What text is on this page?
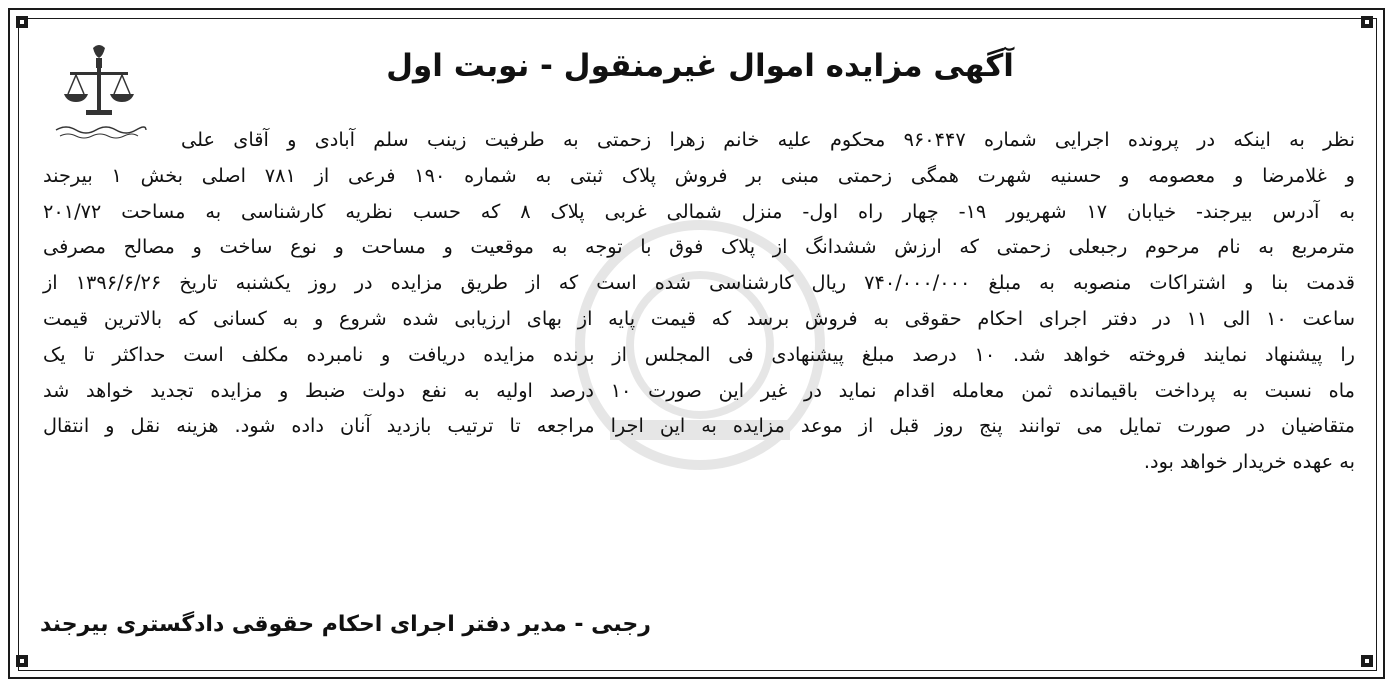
آگهی مزایده اموال غیرمنقول - نوبت اول
نظر به اینکه در پرونده اجرایی شماره ۹۶۰۴۴۷ محکوم علیه خانم زهرا زحمتی به طرفیت زینب سلم آبادی و آقای علی
و غلامرضا و معصومه و حسنیه شهرت همگی زحمتی مبنی بر فروش پلاک ثبتی به شماره ۱۹۰ فرعی از ۷۸۱ اصلی بخش ۱ بیرجند
به آدرس بیرجند- خیابان ۱۷ شهریور ۱۹- چهار راه اول- منزل شمالی غربی پلاک ۸ که حسب نظریه کارشناسی به مساحت ۲۰۱/۷۲
مترمربع به نام مرحوم رجبعلی زحمتی که ارزش ششدانگ از پلاک فوق با توجه به موقعیت و مساحت و نوع ساخت و مصالح مصرفی
قدمت بنا و اشتراکات منصوبه به مبلغ ۷۴۰/۰۰۰/۰۰۰ ریال کارشناسی شده است که از طریق مزایده در روز یکشنبه تاریخ ۱۳۹۶/۶/۲۶ از
ساعت ۱۰ الی ۱۱ در دفتر اجرای احکام حقوقی به فروش برسد که قیمت پایه از بهای ارزیابی شده شروع و به کسانی که بالاترین قیمت
را پیشنهاد نمایند فروخته خواهد شد. ۱۰ درصد مبلغ پیشنهادی فی المجلس از برنده مزایده دریافت و نامبرده مکلف است حداکثر تا یک
ماه نسبت به پرداخت باقیمانده ثمن معامله اقدام نماید در غیر این صورت ۱۰ درصد اولیه به نفع دولت ضبط و مزایده تجدید خواهد شد
متقاضیان در صورت تمایل می توانند پنج روز قبل از موعد مزایده به این اجرا مراجعه تا ترتیب بازدید آنان داده شود. هزینه نقل و انتقال
به عهده خریدار خواهد بود.
رجبی - مدیر دفتر اجرای احکام حقوقی دادگستری بیرجند
